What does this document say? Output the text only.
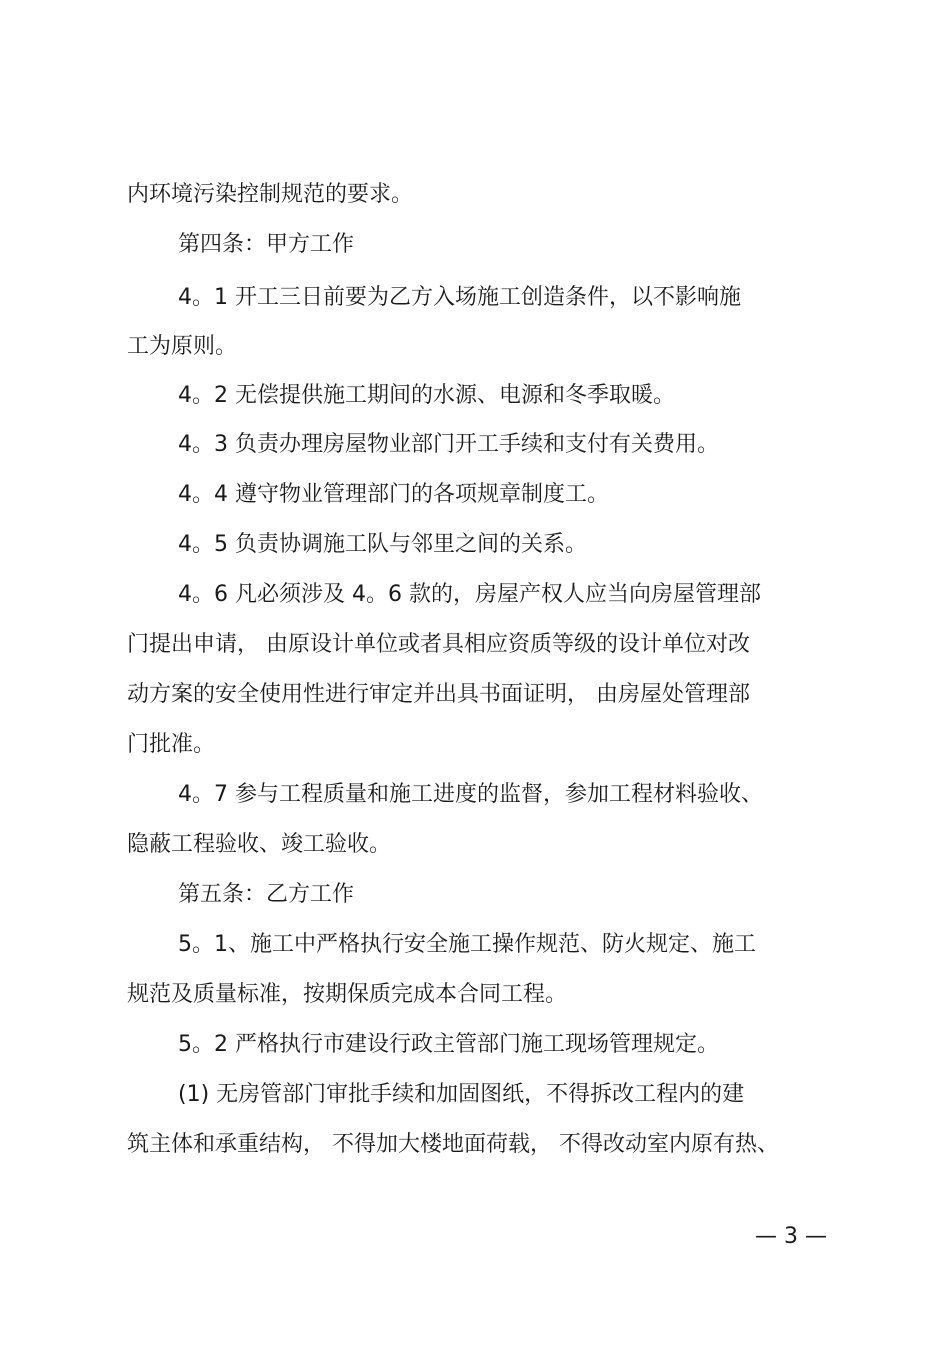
内环境污染控制规范的要求。
第四条：甲方工作
4。1 开工三日前要为乙方入场施工创造条件，以不影响施
工为原则。
4。2 无偿提供施工期间的水源、电源和冬季取暖。
4。3 负责办理房屋物业部门开工手续和支付有关费用。
4。4 遵守物业管理部门的各项规章制度工。
4。5 负责协调施工队与邻里之间的关系。
4。6 凡必须涉及 4。6 款的，房屋产权人应当向房屋管理部
门提出申请， 由原设计单位或者具相应资质等级的设计单位对改
动方案的安全使用性进行审定并出具书面证明， 由房屋处管理部
门批准。
4。7 参与工程质量和施工进度的监督，参加工程材料验收、
隐蔽工程验收、竣工验收。
第五条：乙方工作
5。1、施工中严格执行安全施工操作规范、防火规定、施工
规范及质量标准，按期保质完成本合同工程。
5。2 严格执行市建设行政主管部门施工现场管理规定。
(1) 无房管部门审批手续和加固图纸，不得拆改工程内的建
筑主体和承重结构， 不得加大楼地面荷载， 不得改动室内原有热、
— 3 —
